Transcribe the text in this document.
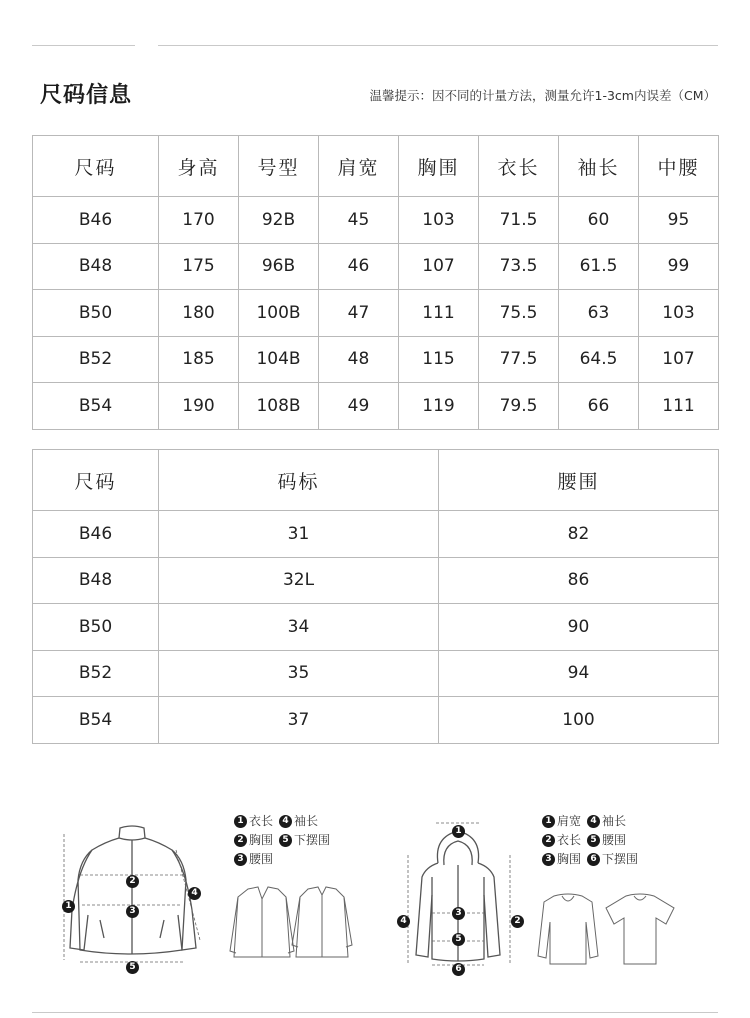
尺码信息	温馨提示：因不同的计量方法，测量允许1-3cm内误差（CM）
尺码	身高	号型	肩宽	胸围	衣长	袖长	中腰
B46	170	92B	45	103	71.5	60	95
B48	175	96B	46	107	73.5	61.5	99
B50	180	100B	47	111	75.5	63	103
B52	185	104B	48	115	77.5	64.5	107
B54	190	108B	49	119	79.5	66	111
尺码	码标	腰围
B46	31	82
B48	32L	86
B50	34	90
B52	35	94
B54	37	100
1
2
3
4
5
1 衣长	4 袖长
2 胸围	5 下摆围
3 腰围
1
2
3
4
5
6
1 肩宽	4 袖长
2 衣长	5 腰围
3 胸围	6 下摆围
